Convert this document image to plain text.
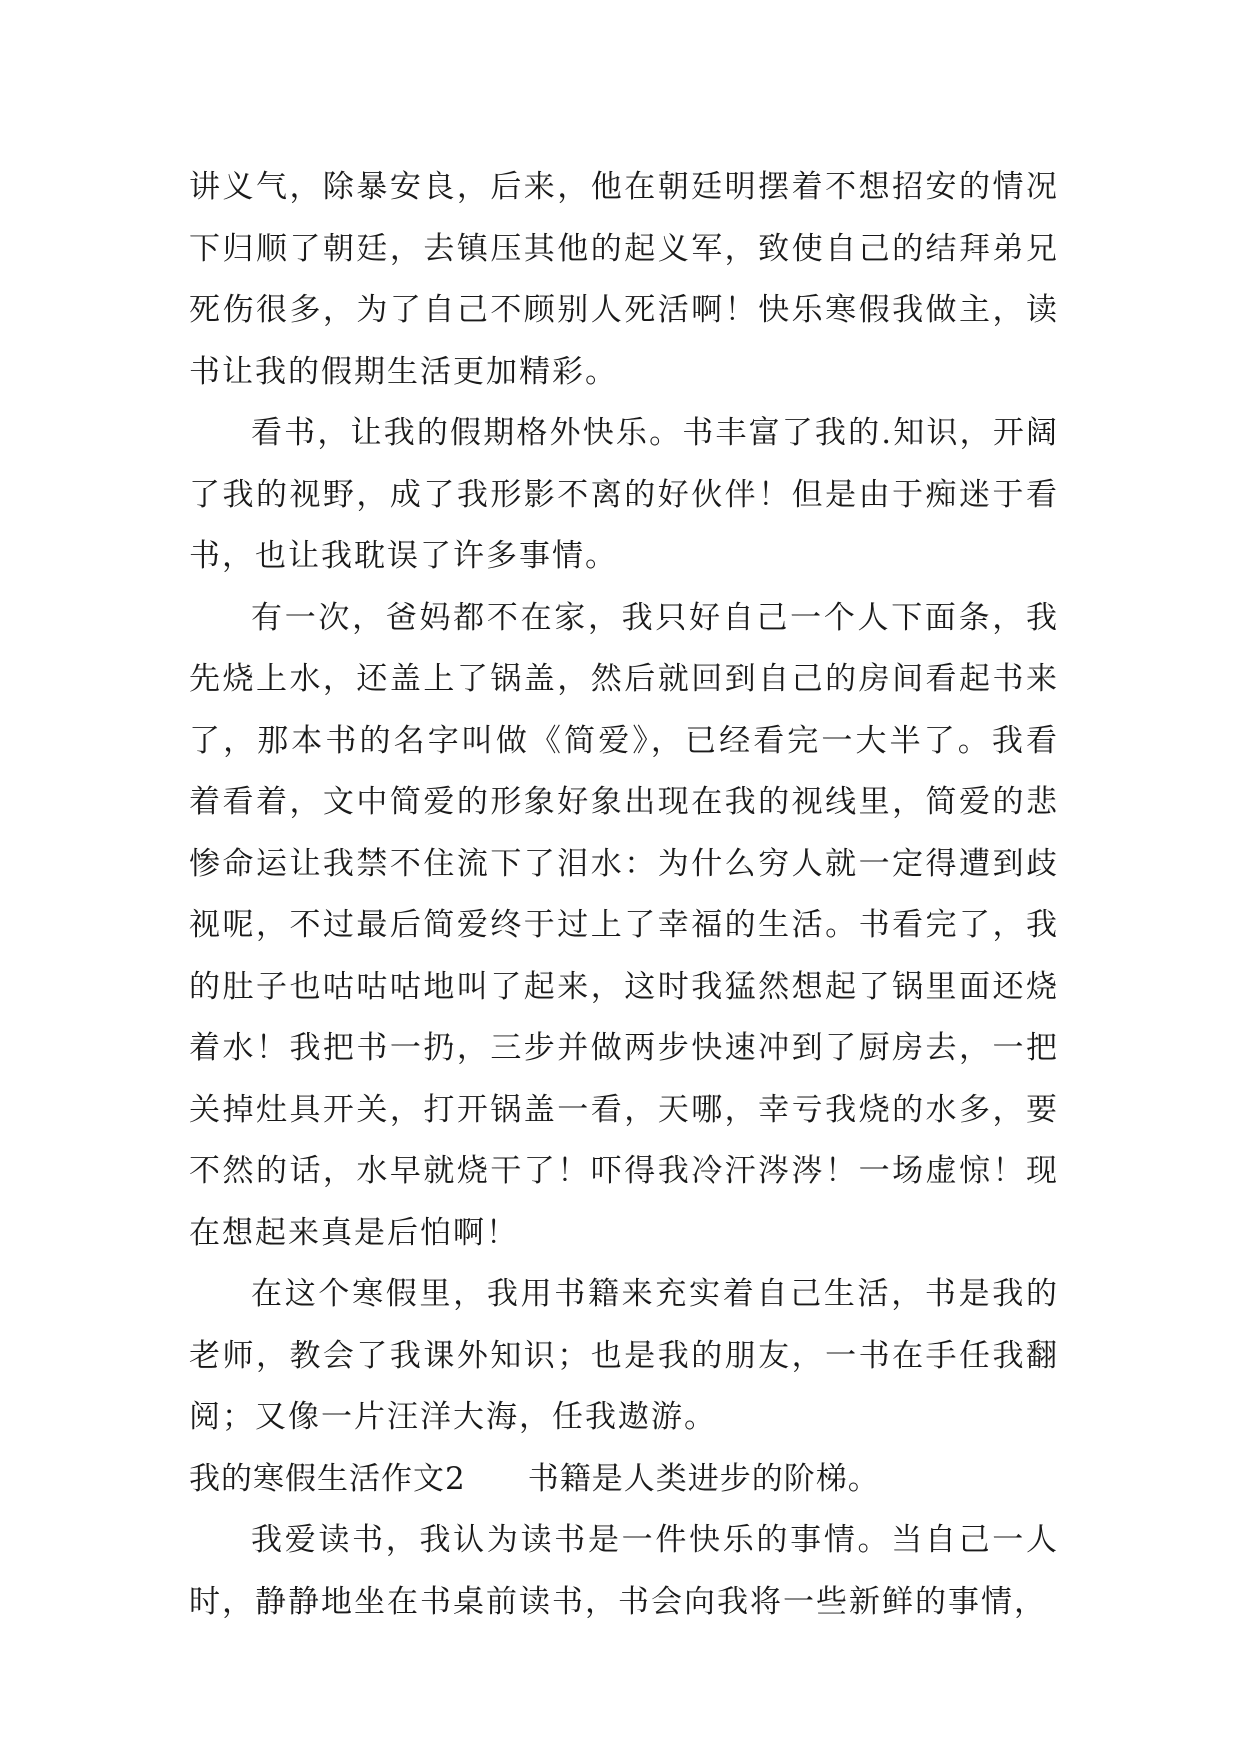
讲义气，除暴安良，后来，他在朝廷明摆着不想招安的情况下归顺了朝廷，去镇压其他的起义军，致使自己的结拜弟兄死伤很多，为了自己不顾别人死活啊！快乐寒假我做主，读书让我的假期生活更加精彩。

看书，让我的假期格外快乐。书丰富了我的.知识，开阔了我的视野，成了我形影不离的好伙伴！但是由于痴迷于看书，也让我耽误了许多事情。

有一次，爸妈都不在家，我只好自己一个人下面条，我先烧上水，还盖上了锅盖，然后就回到自己的房间看起书来了，那本书的名字叫做《简爱》，已经看完一大半了。我看着看着，文中简爱的形象好象出现在我的视线里，简爱的悲惨命运让我禁不住流下了泪水：为什么穷人就一定得遭到歧视呢，不过最后简爱终于过上了幸福的生活。书看完了，我的肚子也咕咕咕地叫了起来，这时我猛然想起了锅里面还烧着水！我把书一扔，三步并做两步快速冲到了厨房去，一把关掉灶具开关，打开锅盖一看，天哪，幸亏我烧的水多，要不然的话，水早就烧干了！吓得我冷汗涔涔！一场虚惊！现在想起来真是后怕啊！

在这个寒假里，我用书籍来充实着自己生活，书是我的老师，教会了我课外知识；也是我的朋友，一书在手任我翻阅；又像一片汪洋大海，任我遨游。

我的寒假生活作文2 书籍是人类进步的阶梯。

我爱读书，我认为读书是一件快乐的事情。当自己一人时，静静地坐在书桌前读书，书会向我将一些新鲜的事情，
